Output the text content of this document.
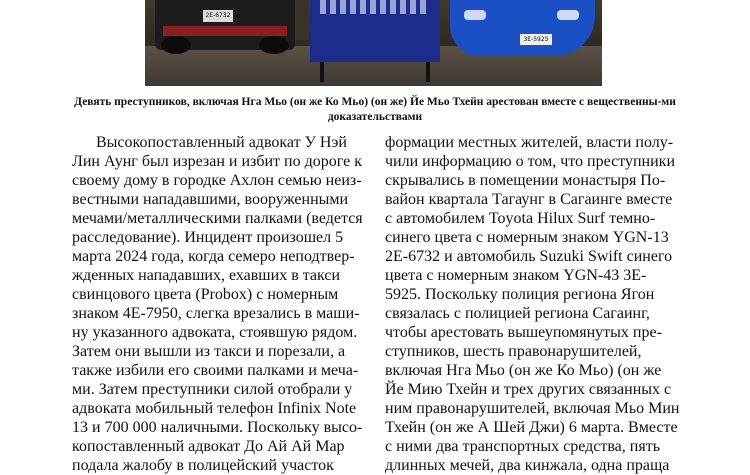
2E-6732
3E-5925
Девять преступников, включая Нга Мьо (он же Ко Мьо) (он же) Йе Мьо Тхейн арестован вместе с вещественны-ми доказательствами

Высокопоставленный адвокат У Нэй
Лин Аунг был изрезан и избит по дороге к
своему дому в городке Ахлон семью неиз-
вестными нападавшими, вооруженными
мечами/металлическими палками (ведется
расследование). Инцидент произошел 5
марта 2024 года, когда семеро неподтвер-
жденных нападавших, ехавших в такси
свинцового цвета (Probox) с номерным
знаком 4Е-7950, слегка врезались в маши-
ну указанного адвоката, стоявшую рядом.
Затем они вышли из такси и порезали, а
также избили его своими палками и меча-
ми. Затем преступники силой отобрали у
адвоката мобильный телефон Infinix Note
13 и 700 000 наличными. Поскольку высо-
копоставленный адвокат До Ай Ай Мар
подала жалобу в полицейский участок

формации местных жителей, власти полу-
чили информацию о том, что преступники
скрывались в помещении монастыря По-
вайон квартала Тагаунг в Сагаинге вместе
с автомобилем Toyota Hilux Surf темно-
синего цвета с номерным знаком YGN-13
2E-6732 и автомобиль Suzuki Swift синего
цвета с номерным знаком YGN-43 3E-
5925. Поскольку полиция региона Ягон
связалась с полицией региона Сагаинг,
чтобы арестовать вышеупомянутых пре-
ступников, шесть правонарушителей,
включая Нга Мьо (он же Ко Мьо) (он же
Йе Мию Тхейн и трех других связанных с
ним правонарушителей, включая Мьо Мин
Тхейн (он же А Шей Джи) 6 марта. Вместе
с ними два транспортных средства, пять
длинных мечей, два кинжала, одна праща
